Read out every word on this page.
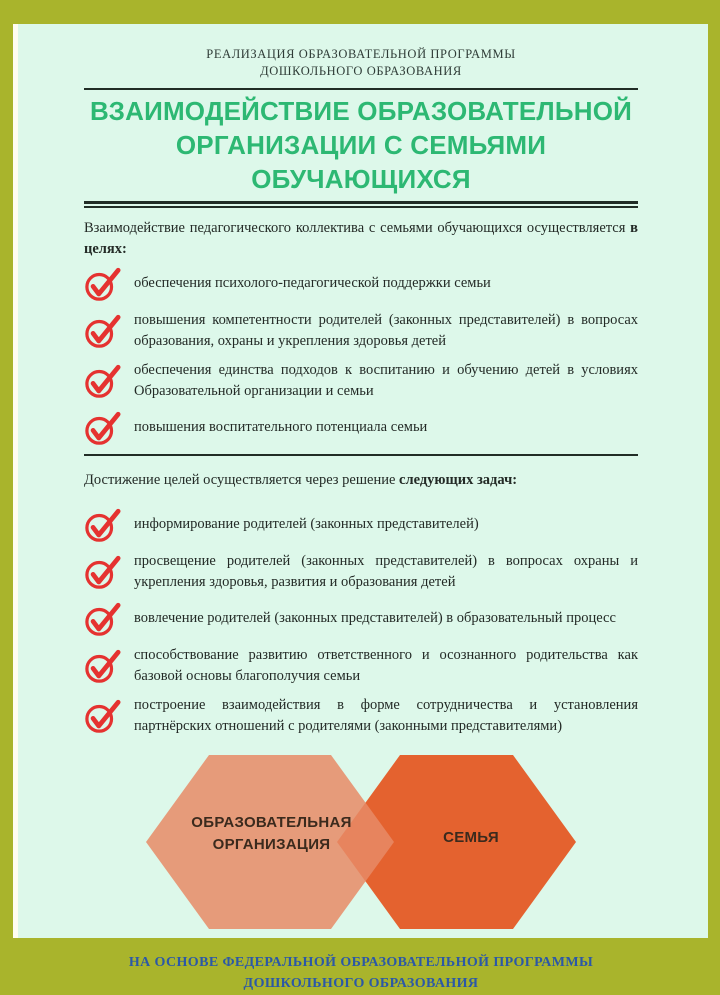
РЕАЛИЗАЦИЯ ОБРАЗОВАТЕЛЬНОЙ ПРОГРАММЫ ДОШКОЛЬНОГО ОБРАЗОВАНИЯ
ВЗАИМОДЕЙСТВИЕ ОБРАЗОВАТЕЛЬНОЙ ОРГАНИЗАЦИИ С СЕМЬЯМИ ОБУЧАЮЩИХСЯ

Взаимодействие педагогического коллектива с семьями обучающихся осуществляется в целях:

обеспечения психолого-педагогической поддержки семьи
повышения компетентности родителей (законных представителей) в вопросах образования, охраны и укрепления здоровья детей
обеспечения единства подходов к воспитанию и обучению детей в условиях Образовательной организации и семьи
повышения воспитательного потенциала семьи

Достижение целей осуществляется через решение следующих задач:

информирование родителей (законных представителей)
просвещение родителей (законных представителей) в вопросах охраны и укрепления здоровья, развития и образования детей
вовлечение родителей (законных представителей) в образовательный процесс
способствование развитию ответственного и осознанного родительства как базовой основы благополучия семьи
построение взаимодействия в форме сотрудничества и установления партнёрских отношений с родителями (законными представителями)
ОБРАЗОВАТЕЛЬНАЯ ОРГАНИЗАЦИЯ	СЕМЬЯ
НА ОСНОВЕ ФЕДЕРАЛЬНОЙ ОБРАЗОВАТЕЛЬНОЙ ПРОГРАММЫ ДОШКОЛЬНОГО ОБРАЗОВАНИЯ
